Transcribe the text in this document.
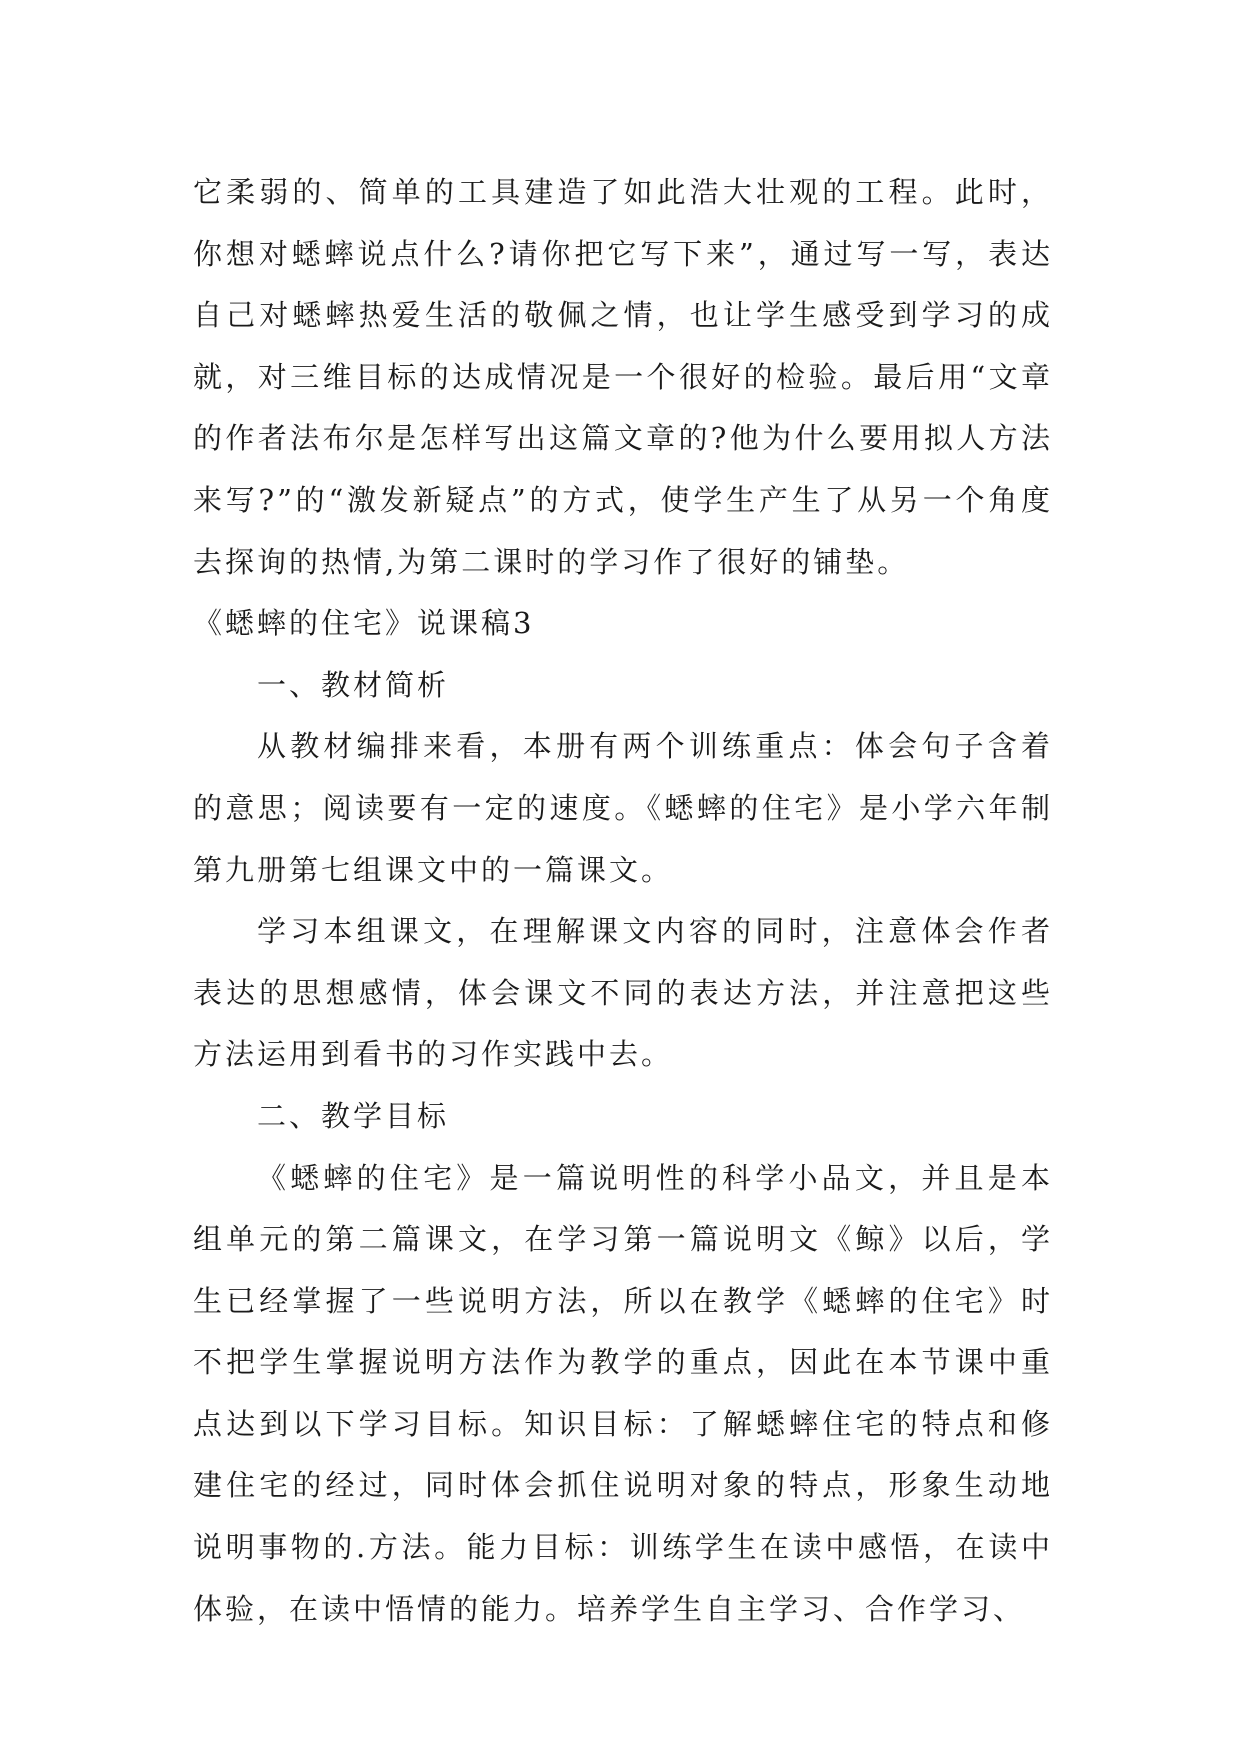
它柔弱的、简单的工具建造了如此浩大壮观的工程。此时，你想对蟋蟀说点什么?请你把它写下来”，通过写一写，表达自己对蟋蟀热爱生活的敬佩之情，也让学生感受到学习的成就，对三维目标的达成情况是一个很好的检验。最后用“文章的作者法布尔是怎样写出这篇文章的?他为什么要用拟人方法来写?”的“激发新疑点”的方式，使学生产生了从另一个角度去探询的热情,为第二课时的学习作了很好的铺垫。

《蟋蟀的住宅》说课稿3

一、教材简析

从教材编排来看，本册有两个训练重点：体会句子含着的意思；阅读要有一定的速度。《蟋蟀的住宅》是小学六年制第九册第七组课文中的一篇课文。

学习本组课文，在理解课文内容的同时，注意体会作者表达的思想感情，体会课文不同的表达方法，并注意把这些方法运用到看书的习作实践中去。

二、教学目标

《蟋蟀的住宅》是一篇说明性的科学小品文，并且是本组单元的第二篇课文，在学习第一篇说明文《鲸》以后，学生已经掌握了一些说明方法，所以在教学《蟋蟀的住宅》时不把学生掌握说明方法作为教学的重点，因此在本节课中重点达到以下学习目标。知识目标：了解蟋蟀住宅的特点和修建住宅的经过，同时体会抓住说明对象的特点，形象生动地说明事物的.方法。能力目标：训练学生在读中感悟，在读中体验，在读中悟情的能力。培养学生自主学习、合作学习、
